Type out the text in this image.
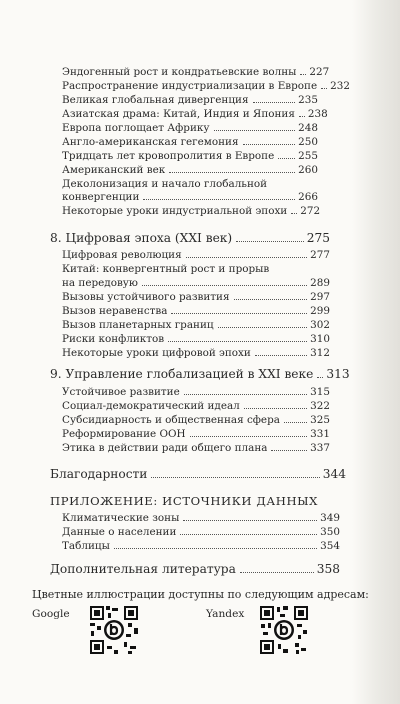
Эндогенный рост и кондратьевские волны 227
Распространение индустриализации в Европе 232
Великая глобальная дивергенция	235
Азиатская драма: Китай, Индия и Япония 238
Европа поглощает Африку	248
Англо-американская гегемония	250
Тридцать лет кровопролития в Европе 255
Американский век	260
Деколонизация и начало глобальной
конвергенции	266
Некоторые уроки индустриальной эпохи 272
8. Цифровая эпоха (XXI век)	275
Цифровая революция	277
Китай: конвергентный рост и прорыв
на передовую	289
Вызовы устойчивого развития	297
Вызов неравенства	299
Вызов планетарных границ	302
Риски конфликтов	310
Некоторые уроки цифровой эпохи	312
9. Управление глобализацией в XXI веке 313
Устойчивое развитие	315
Социал-демократический идеал	322
Субсидиарность и общественная сфера	325
Реформирование ООН	331
Этика в действии ради общего плана	337
Благодарности	344
ПРИЛОЖЕНИЕ: ИСТОЧНИКИ ДАННЫХ
Климатические зоны	349
Данные о населении	350
Таблицы	354
Дополнительная литература	358
Цветные иллюстрации доступны по следующим адресам:
Google	Yandex
